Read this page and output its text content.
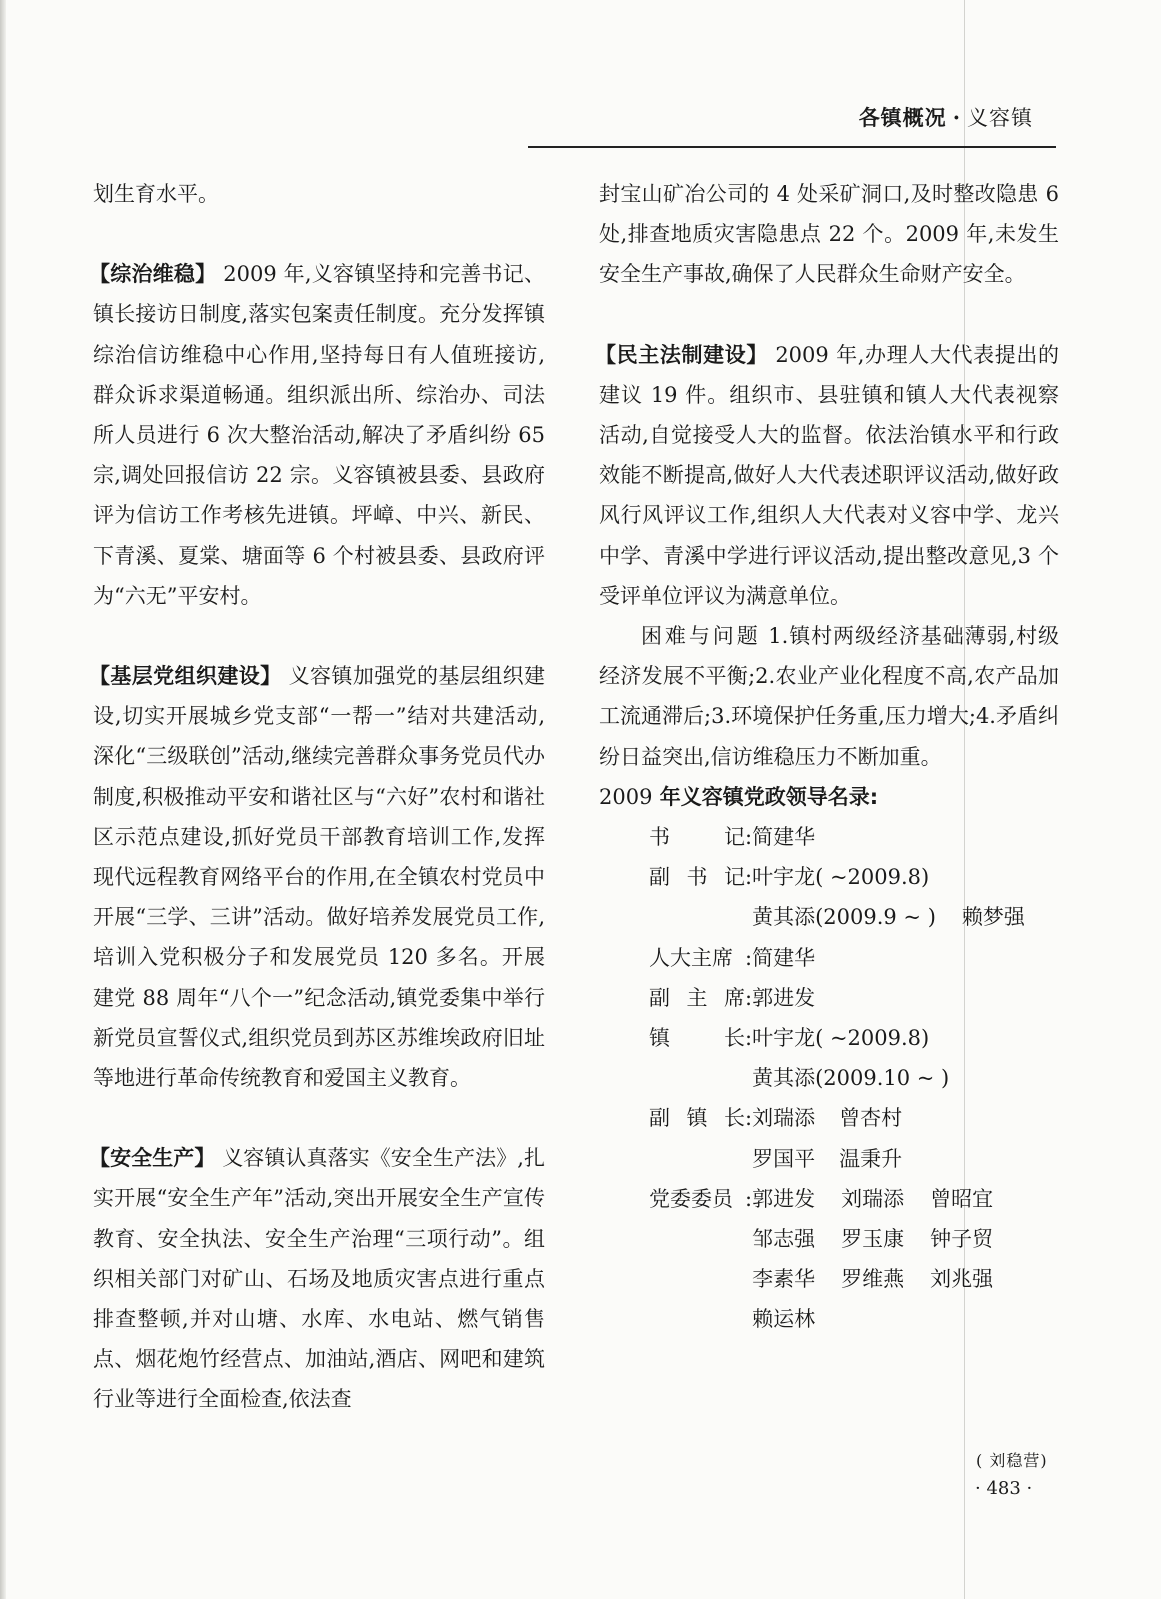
各镇概况 · 义容镇

划生育水平。

【综治维稳】 2009 年,义容镇坚持和完善书记、镇长接访日制度,落实包案责任制度。充分发挥镇综治信访维稳中心作用,坚持每日有人值班接访,群众诉求渠道畅通。组织派出所、综治办、司法所人员进行 6 次大整治活动,解决了矛盾纠纷 65 宗,调处回报信访 22 宗。义容镇被县委、县政府评为信访工作考核先进镇。坪嶂、中兴、新民、下青溪、夏棠、塘面等 6 个村被县委、县政府评为“六无”平安村。

【基层党组织建设】 义容镇加强党的基层组织建设,切实开展城乡党支部“一帮一”结对共建活动,深化“三级联创”活动,继续完善群众事务党员代办制度,积极推动平安和谐社区与“六好”农村和谐社区示范点建设,抓好党员干部教育培训工作,发挥现代远程教育网络平台的作用,在全镇农村党员中开展“三学、三讲”活动。做好培养发展党员工作,培训入党积极分子和发展党员 120 多名。开展建党 88 周年“八个一”纪念活动,镇党委集中举行新党员宣誓仪式,组织党员到苏区苏维埃政府旧址等地进行革命传统教育和爱国主义教育。

【安全生产】 义容镇认真落实《安全生产法》,扎实开展“安全生产年”活动,突出开展安全生产宣传教育、安全执法、安全生产治理“三项行动”。组织相关部门对矿山、石场及地质灾害点进行重点排查整顿,并对山塘、水库、水电站、燃气销售点、烟花炮竹经营点、加油站,酒店、网吧和建筑行业等进行全面检查,依法查

封宝山矿冶公司的 4 处采矿洞口,及时整改隐患 6 处,排查地质灾害隐患点 22 个。2009 年,未发生安全生产事故,确保了人民群众生命财产安全。

【民主法制建设】 2009 年,办理人大代表提出的建议 19 件。组织市、县驻镇和镇人大代表视察活动,自觉接受人大的监督。依法治镇水平和行政效能不断提高,做好人大代表述职评议活动,做好政风行风评议工作,组织人大代表对义容中学、龙兴中学、青溪中学进行评议活动,提出整改意见,3 个受评单位评议为满意单位。

困难与问题 1.镇村两级经济基础薄弱,村级经济发展不平衡;2.农业产业化程度不高,农产品加工流通滞后;3.环境保护任务重,压力增大;4.矛盾纠纷日益突出,信访维稳压力不断加重。

2009 年义容镇党政领导名录:

书	记 : 简建华
副 书 记 : 叶宇龙( ~2009.8)
黄其添(2009.9 ~ ) 赖梦强
人大主席 : 简建华
副 主 席 : 郭进发
镇	长 : 叶宇龙( ~2009.8)
黄其添(2009.10 ~ )
副 镇 长 : 刘瑞添 曾杏村
罗国平 温秉升
党委委员 : 郭进发 刘瑞添 曾昭宜
邹志强 罗玉康 钟子贸
李素华 罗维燕 刘兆强
赖运林
( 刘稳营)
· 483 ·
